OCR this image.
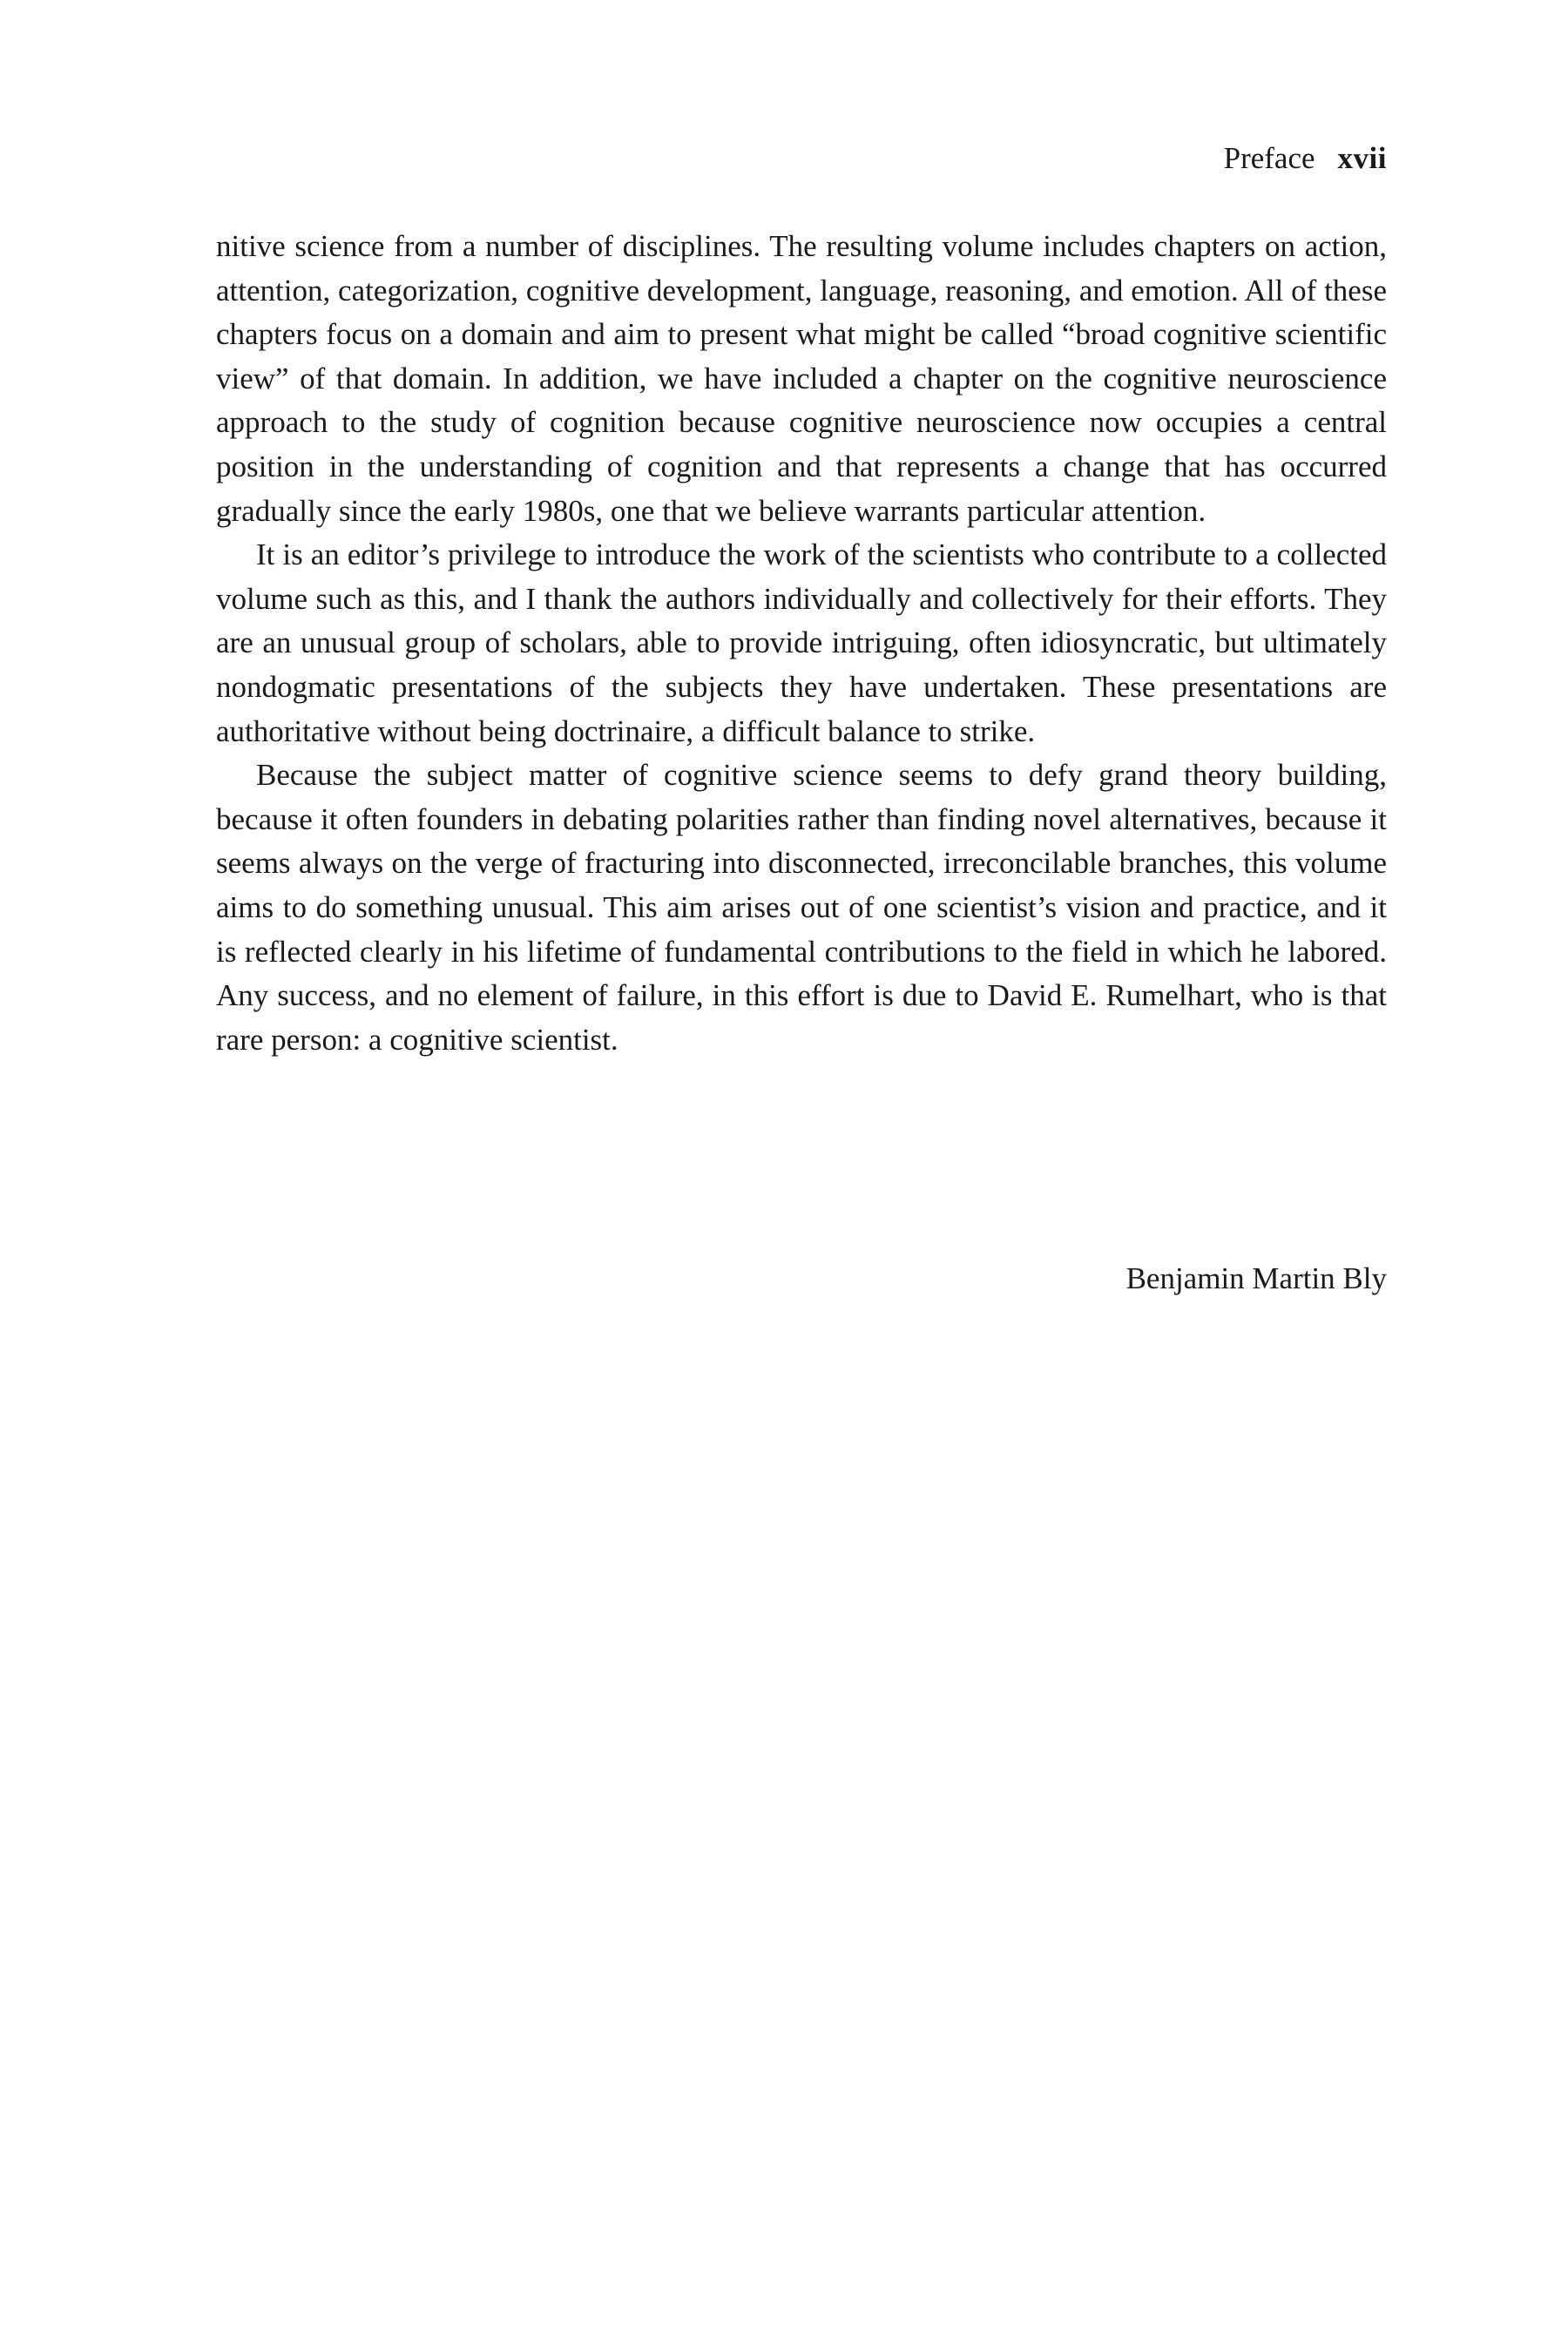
Preface xvii

nitive science from a number of disciplines. The resulting volume includes chapters on action, attention, categorization, cognitive development, language, reasoning, and emotion. All of these chapters focus on a domain and aim to present what might be called “broad cognitive scientific view” of that domain. In addition, we have included a chapter on the cognitive neuroscience approach to the study of cognition because cognitive neuroscience now occupies a central position in the understanding of cognition and that represents a change that has occurred gradually since the early 1980s, one that we believe warrants particular attention.

It is an editor’s privilege to introduce the work of the scientists who contribute to a collected volume such as this, and I thank the authors individually and collectively for their efforts. They are an unusual group of scholars, able to provide intriguing, often idiosyncratic, but ultimately nondogmatic presentations of the subjects they have undertaken. These presentations are authoritative without being doctrinaire, a difficult balance to strike.

Because the subject matter of cognitive science seems to defy grand theory building, because it often founders in debating polarities rather than finding novel alternatives, because it seems always on the verge of fracturing into disconnected, irreconcilable branches, this volume aims to do something unusual. This aim arises out of one scientist’s vision and practice, and it is reflected clearly in his lifetime of fundamental contributions to the field in which he labored. Any success, and no element of failure, in this effort is due to David E. Rumelhart, who is that rare person: a cognitive scientist.

Benjamin Martin Bly
